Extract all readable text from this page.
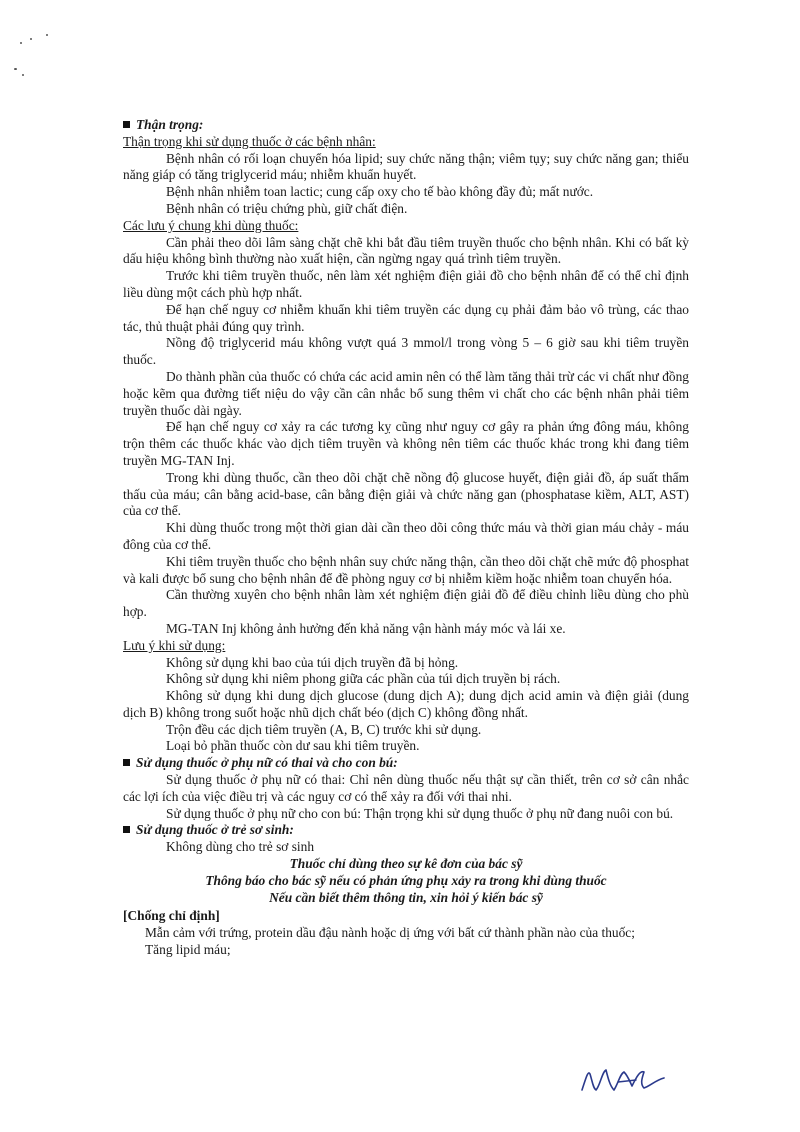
Thận trọng:

Thận trọng khi sử dụng thuốc ở các bệnh nhân:

Bệnh nhân có rối loạn chuyển hóa lipid; suy chức năng thận; viêm tụy; suy chức năng gan; thiểu năng giáp có tăng triglycerid máu; nhiễm khuẩn huyết.

Bệnh nhân nhiễm toan lactic; cung cấp oxy cho tế bào không đầy đủ; mất nước.

Bệnh nhân có triệu chứng phù, giữ chất điện.

Các lưu ý chung khi dùng thuốc:

Cần phải theo dõi lâm sàng chặt chẽ khi bắt đầu tiêm truyền thuốc cho bệnh nhân. Khi có bất kỳ dấu hiệu không bình thường nào xuất hiện, cần ngừng ngay quá trình tiêm truyền.

Trước khi tiêm truyền thuốc, nên làm xét nghiệm điện giải đồ cho bệnh nhân để có thể chỉ định liều dùng một cách phù hợp nhất.

Để hạn chế nguy cơ nhiễm khuẩn khi tiêm truyền các dụng cụ phải đảm bảo vô trùng, các thao tác, thủ thuật phải đúng quy trình.

Nồng độ triglycerid máu không vượt quá 3 mmol/l trong vòng 5 – 6 giờ sau khi tiêm truyền thuốc.

Do thành phần của thuốc có chứa các acid amin nên có thể làm tăng thải trừ các vi chất như đồng hoặc kẽm qua đường tiết niệu do vậy cần cân nhắc bổ sung thêm vi chất cho các bệnh nhân phải tiêm truyền thuốc dài ngày.

Để hạn chế nguy cơ xảy ra các tương kỵ cũng như nguy cơ gây ra phản ứng đông máu, không trộn thêm các thuốc khác vào dịch tiêm truyền và không nên tiêm các thuốc khác trong khi đang tiêm truyền MG-TAN Inj.

Trong khi dùng thuốc, cần theo dõi chặt chẽ nồng độ glucose huyết, điện giải đồ, áp suất thẩm thấu của máu; cân bằng acid-base, cân bằng điện giải và chức năng gan (phosphatase kiềm, ALT, AST) của cơ thể.

Khi dùng thuốc trong một thời gian dài cần theo dõi công thức máu và thời gian máu chảy - máu đông của cơ thể.

Khi tiêm truyền thuốc cho bệnh nhân suy chức năng thận, cần theo dõi chặt chẽ mức độ phosphat và kali được bổ sung cho bệnh nhân để đề phòng nguy cơ bị nhiễm kiềm hoặc nhiễm toan chuyển hóa.

Cần thường xuyên cho bệnh nhân làm xét nghiệm điện giải đồ để điều chỉnh liều dùng cho phù hợp.

MG-TAN Inj không ảnh hưởng đến khả năng vận hành máy móc và lái xe.

Lưu ý khi sử dụng:

Không sử dụng khi bao của túi dịch truyền đã bị hỏng.

Không sử dụng khi niêm phong giữa các phần của túi dịch truyền bị rách.

Không sử dụng khi dung dịch glucose (dung dịch A); dung dịch acid amin và điện giải (dung dịch B) không trong suốt hoặc nhũ dịch chất béo (dịch C) không đồng nhất.

Trộn đều các dịch tiêm truyền (A, B, C) trước khi sử dụng.

Loại bỏ phần thuốc còn dư sau khi tiêm truyền.

Sử dụng thuốc ở phụ nữ có thai và cho con bú:

Sử dụng thuốc ở phụ nữ có thai: Chỉ nên dùng thuốc nếu thật sự cần thiết, trên cơ sở cân nhắc các lợi ích của việc điều trị và các nguy cơ có thể xảy ra đối với thai nhi.

Sử dụng thuốc ở phụ nữ cho con bú: Thận trọng khi sử dụng thuốc ở phụ nữ đang nuôi con bú.

Sử dụng thuốc ở trẻ sơ sinh:

Không dùng cho trẻ sơ sinh

Thuốc chỉ dùng theo sự kê đơn của bác sỹ

Thông báo cho bác sỹ nếu có phản ứng phụ xảy ra trong khi dùng thuốc

Nếu cần biết thêm thông tin, xin hỏi ý kiến bác sỹ

[Chống chỉ định]

Mẫn cảm với trứng, protein dầu đậu nành hoặc dị ứng với bất cứ thành phần nào của thuốc;

Tăng lipid máu;
